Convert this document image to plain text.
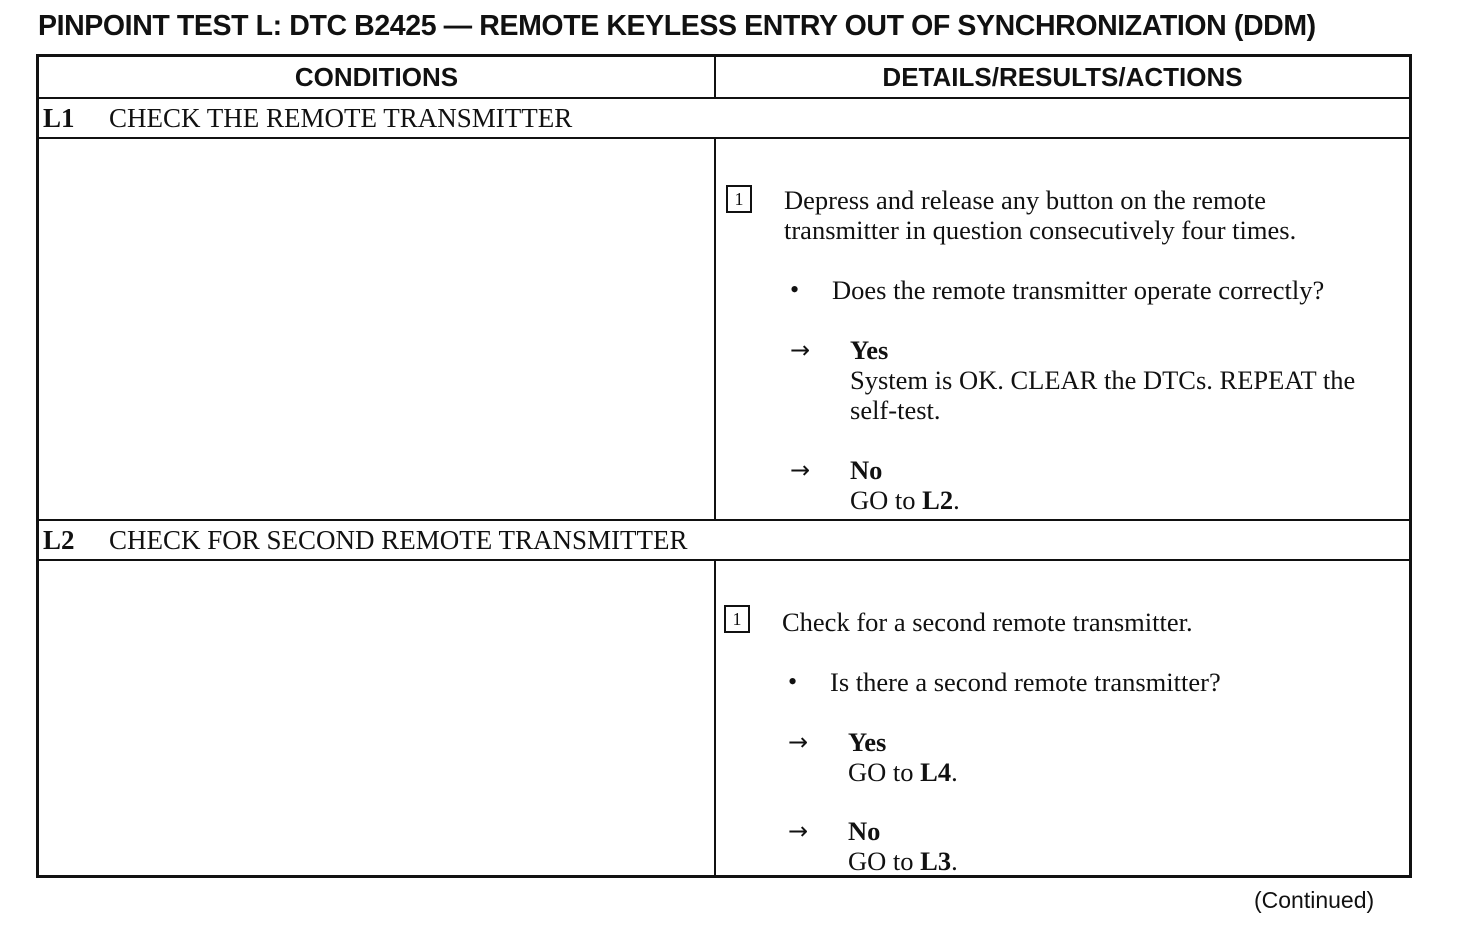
PINPOINT TEST L: DTC B2425 — REMOTE KEYLESS ENTRY OUT OF SYNCHRONIZATION (DDM)
CONDITIONS	DETAILS/RESULTS/ACTIONS
L1 CHECK THE REMOTE TRANSMITTER
1	Depress and release any button on the remote transmitter in question consecutively four times.
• Does the remote transmitter operate correctly?
→ Yes
System is OK. CLEAR the DTCs. REPEAT the self-test.
→ No
GO to L2.
L2 CHECK FOR SECOND REMOTE TRANSMITTER
1	Check for a second remote transmitter.
• Is there a second remote transmitter?
→ Yes
GO to L4.
→ No
GO to L3.
(Continued)
